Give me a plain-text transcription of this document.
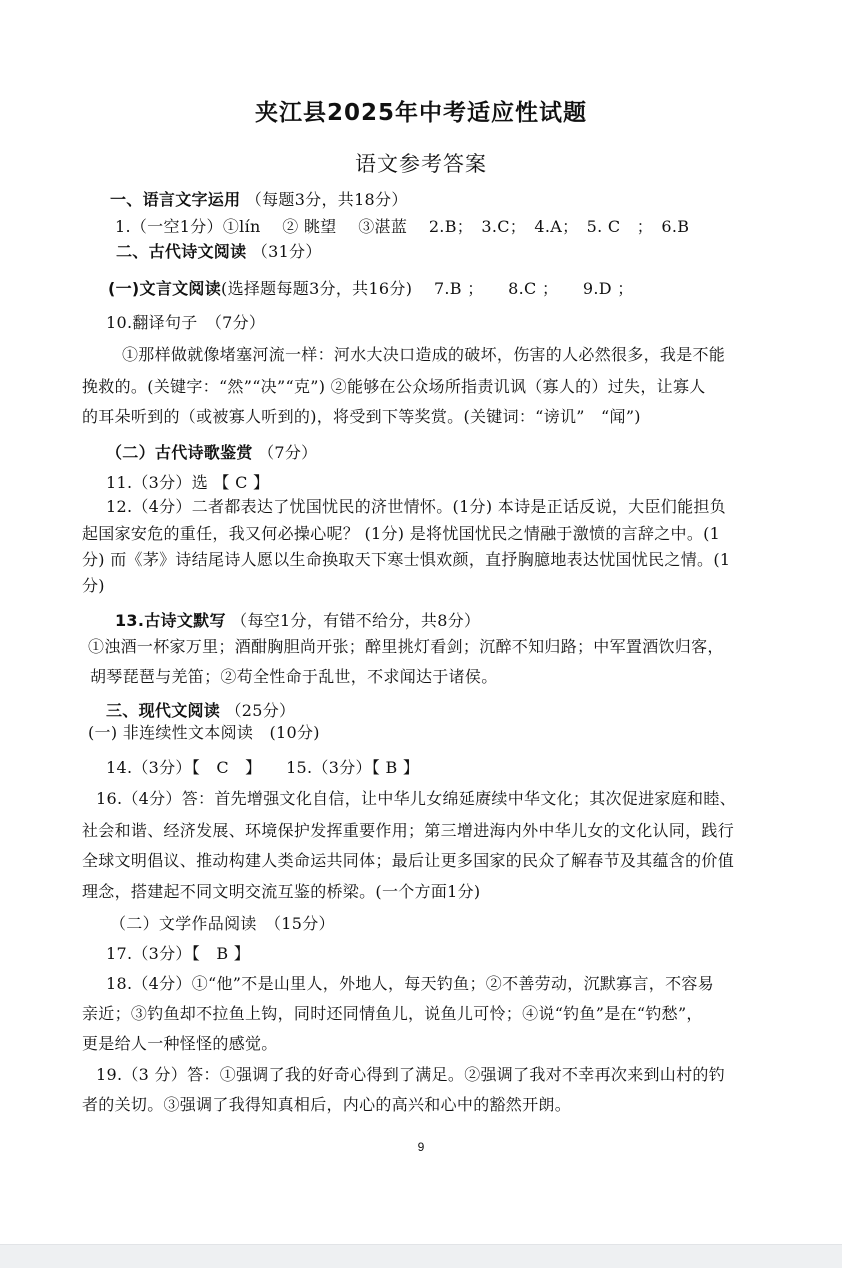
夹江县2025年中考适应性试题
语文参考答案
一、语言文字运用 （每题3分，共18分）
1.（一空1分）①lín　 ② 眺望　 ③湛蓝　 2.B；　3.C；　4.A；　5. C　；　6.B
二、古代诗文阅读 （31分）
(一)文言文阅读(选择题每题3分，共16分)　 7.B ；　　8.C ；　　9.D ；
10.翻译句子　（7分）
①那样做就像堵塞河流一样：河水大决口造成的破坏，伤害的人必然很多，我是不能
挽救的。(关键字：“然”“决”“克”) ②能够在公众场所指责讥讽（寡人的）过失，让寡人
的耳朵听到的（或被寡人听到的)，将受到下等奖赏。(关键词：“谤讥”　“闻”)
（二）古代诗歌鉴赏 （7分）
11.（3分）选 【 C 】
12.（4分）二者都表达了忧国忧民的济世情怀。(1分) 本诗是正话反说，大臣们能担负
起国家安危的重任，我又何必操心呢？ (1分) 是将忧国忧民之情融于激愤的言辞之中。(1
分) 而《茅》诗结尾诗人愿以生命换取天下寒士惧欢颜，直抒胸臆地表达忧国忧民之情。(1
分)
13.古诗文默写 （每空1分，有错不给分，共8分）
①浊酒一杯家万里；酒酣胸胆尚开张；醉里挑灯看剑；沉醉不知归路；中军置酒饮归客，
胡琴琵琶与羌笛；②苟全性命于乱世，不求闻达于诸侯。
三、现代文阅读 （25分）
(一) 非连续性文本阅读　(10分)
14.（3分）【　C　】　　15.（3分）【 B 】
16.（4分）答：首先增强文化自信，让中华儿女绵延赓续中华文化；其次促进家庭和睦、
社会和谐、经济发展、环境保护发挥重要作用；第三增进海内外中华儿女的文化认同，践行
全球文明倡议、推动构建人类命运共同体；最后让更多国家的民众了解春节及其蕴含的价值
理念，搭建起不同文明交流互鉴的桥梁。(一个方面1分)
（二）文学作品阅读　（15分）
17.（3分）【　B 】
18.（4分）①“他”不是山里人，外地人，每天钓鱼；②不善劳动，沉默寡言，不容易
亲近；③钓鱼却不拉鱼上钩，同时还同情鱼儿，说鱼儿可怜；④说“钓鱼”是在“钓愁”，
更是给人一种怪怪的感觉。
19.（3 分）答：①强调了我的好奇心得到了满足。②强调了我对不幸再次来到山村的钓
者的关切。③强调了我得知真相后，内心的高兴和心中的豁然开朗。
9
